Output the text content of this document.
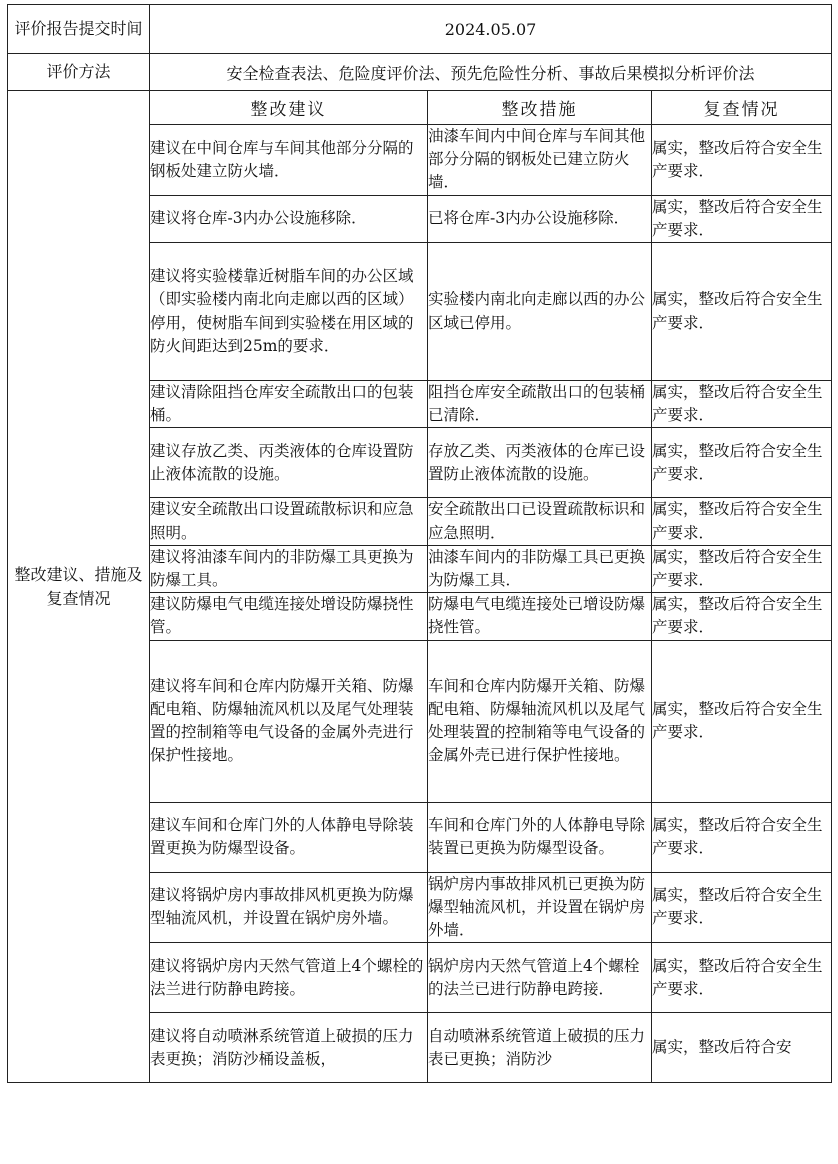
评价报告提交时间	2024.05.07		
评价方法	安全检查表法、危险度评价法、预先危险性分析、事故后果模拟分析评价法		
整改建议、措施及复查情况	整改建议	整改措施	复查情况
	建议在中间仓库与车间其他部分分隔的钢板处建立防火墙．	油漆车间内中间仓库与车间其他部分分隔的钢板处已建立防火墙．	属实，整改后符合安全生产要求．
	建议将仓库-3内办公设施移除．	已将仓库-3内办公设施移除．	属实，整改后符合安全生产要求．
	建议将实验楼靠近树脂车间的办公区域（即实验楼内南北向走廊以西的区域）停用，使树脂车间到实验楼在用区域的防火间距达到25m的要求．	实验楼内南北向走廊以西的办公区域已停用。	属实，整改后符合安全生产要求．
	建议清除阻挡仓库安全疏散出口的包装桶。	阻挡仓库安全疏散出口的包装桶已清除．	属实，整改后符合安全生产要求．
	建议存放乙类、丙类液体的仓库设置防止液体流散的设施。	存放乙类、丙类液体的仓库已设置防止液体流散的设施。	属实，整改后符合安全生产要求．
	建议安全疏散出口设置疏散标识和应急照明。	安全疏散出口已设置疏散标识和应急照明．	属实，整改后符合安全生产要求．
	建议将油漆车间内的非防爆工具更换为防爆工具。	油漆车间内的非防爆工具已更换为防爆工具．	属实，整改后符合安全生产要求．
	建议防爆电气电缆连接处增设防爆挠性管。	防爆电气电缆连接处已增设防爆挠性管。	属实，整改后符合安全生产要求．
	建议将车间和仓库内防爆开关箱、防爆配电箱、防爆轴流风机以及尾气处理装置的控制箱等电气设备的金属外壳进行保护性接地。	车间和仓库内防爆开关箱、防爆配电箱、防爆轴流风机以及尾气处理装置的控制箱等电气设备的金属外壳已进行保护性接地。	属实，整改后符合安全生产要求．
	建议车间和仓库门外的人体静电导除装置更换为防爆型设备。	车间和仓库门外的人体静电导除装置已更换为防爆型设备。	属实，整改后符合安全生产要求．
	建议将锅炉房内事故排风机更换为防爆型轴流风机，并设置在锅炉房外墙。	锅炉房内事故排风机已更换为防爆型轴流风机，并设置在锅炉房外墙．	属实，整改后符合安全生产要求．
	建议将锅炉房内天然气管道上4个螺栓的法兰进行防静电跨接。	锅炉房内天然气管道上4个螺栓的法兰已进行防静电跨接．	属实，整改后符合安全生产要求．
	建议将自动喷淋系统管道上破损的压力表更换；消防沙桶设盖板，	自动喷淋系统管道上破损的压力表已更换；消防沙	属实，整改后符合安
